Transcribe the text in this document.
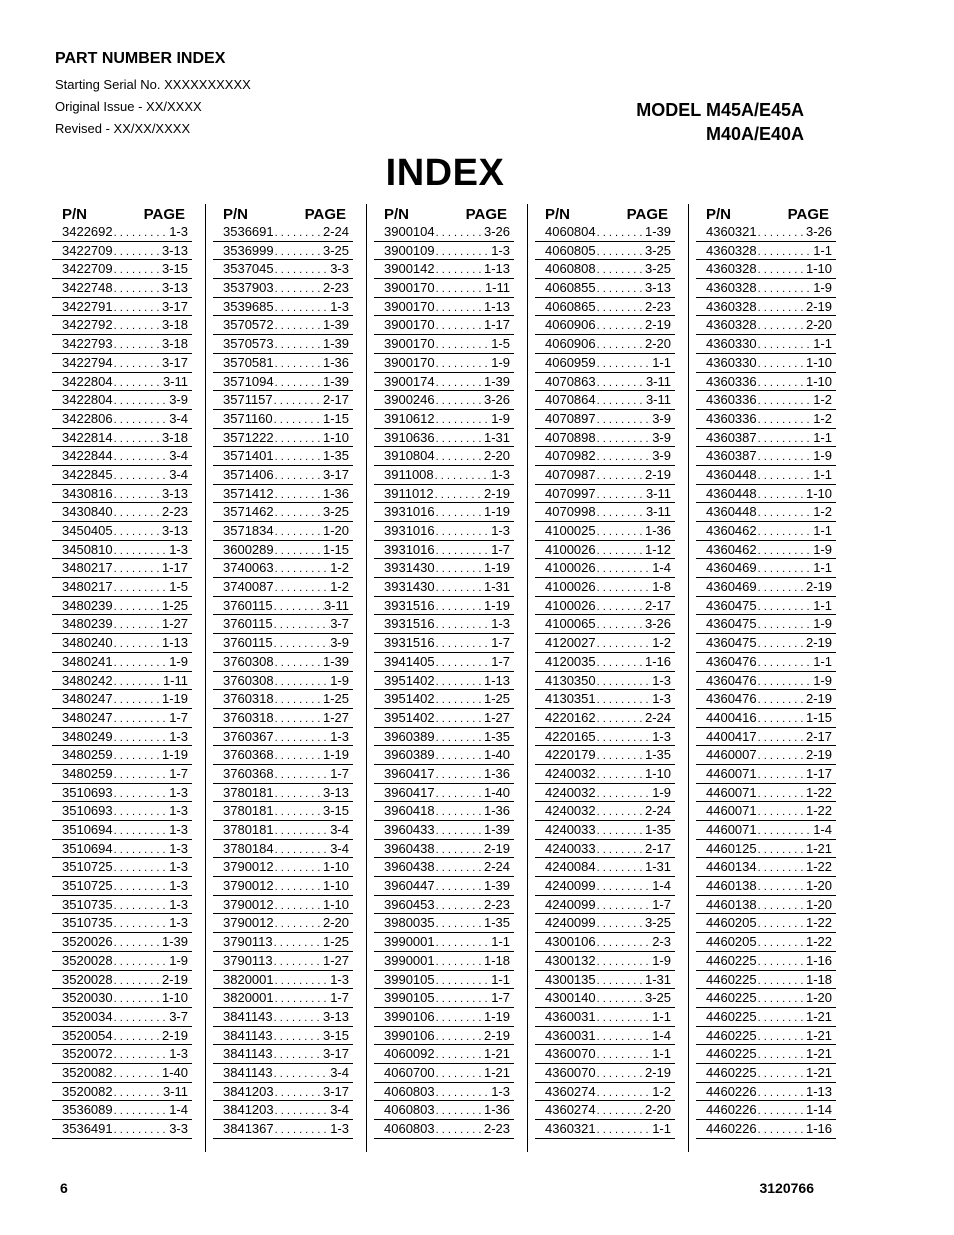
PART NUMBER INDEX
Starting Serial No. XXXXXXXXXX
Original Issue - XX/XXXX
Revised - XX/XX/XXXX
MODEL M45A/E45A
M40A/E40A
INDEX
P/N	PAGE
3422692 . . .	1-3
3422709 . . .	3-13
3422709 . . .	3-15
3422748 . . .	3-13
3422791 . . .	3-17
3422792 . . .	3-18
3422793 . . .	3-18
3422794 . . .	3-17
3422804 . . .	3-11
3422804 . . .	3-9
3422806 . . .	3-4
3422814 . . .	3-18
3422844 . . .	3-4
3422845 . . .	3-4
3430816 . . .	3-13
3430840 . . .	2-23
3450405 . . .	3-13
3450810 . . .	1-3
3480217 . . .	1-17
3480217 . . .	1-5
3480239 . . .	1-25
3480239 . . .	1-27
3480240 . . .	1-13
3480241 . . .	1-9
3480242 . . .	1-11
3480247 . . .	1-19
3480247 . . .	1-7
3480249 . . .	1-3
3480259 . . .	1-19
3480259 . . .	1-7
3510693 . . .	1-3
3510693 . . .	1-3
3510694 . . .	1-3
3510694 . . .	1-3
3510725 . . .	1-3
3510725 . . .	1-3
3510735 . . .	1-3
3510735 . . .	1-3
3520026 . . .	1-39
3520028 . . .	1-9
3520028 . . .	2-19
3520030 . . .	1-10
3520034 . . .	3-7
3520054 . . .	2-19
3520072 . . .	1-3
3520082 . . .	1-40
3520082 . . .	3-11
3536089 . . .	1-4
3536491 . . .	3-3
P/N	PAGE
3536691 . . .	2-24
3536999 . . .	3-25
3537045 . . .	3-3
3537903 . . .	2-23
3539685 . . .	1-3
3570572 . . .	1-39
3570573 . . .	1-39
3570581 . . .	1-36
3571094 . . .	1-39
3571157 . . .	2-17
3571160 . . .	1-15
3571222 . . .	1-10
3571401 . . .	1-35
3571406 . . .	3-17
3571412 . . .	1-36
3571462 . . .	3-25
3571834 . . .	1-20
3600289 . . .	1-15
3740063 . . .	1-2
3740087 . . .	1-2
3760115 . . .	3-11
3760115 . . .	3-7
3760115 . . .	3-9
3760308 . . .	1-39
3760308 . . .	1-9
3760318 . . .	1-25
3760318 . . .	1-27
3760367 . . .	1-3
3760368 . . .	1-19
3760368 . . .	1-7
3780181 . . .	3-13
3780181 . . .	3-15
3780181 . . .	3-4
3780184 . . .	3-4
3790012 . . .	1-10
3790012 . . .	1-10
3790012 . . .	1-10
3790012 . . .	2-20
3790113 . . .	1-25
3790113 . . .	1-27
3820001 . . .	1-3
3820001 . . .	1-7
3841143 . . .	3-13
3841143 . . .	3-15
3841143 . . .	3-17
3841143 . . .	3-4
3841203 . . .	3-17
3841203 . . .	3-4
3841367 . . .	1-3
P/N	PAGE
3900104 . . .	3-26
3900109 . . .	1-3
3900142 . . .	1-13
3900170 . . .	1-11
3900170 . . .	1-13
3900170 . . .	1-17
3900170 . . .	1-5
3900170 . . .	1-9
3900174 . . .	1-39
3900246 . . .	3-26
3910612 . . .	1-9
3910636 . . .	1-31
3910804 . . .	2-20
3911008 . . .	1-3
3911012 . . .	2-19
3931016 . . .	1-19
3931016 . . .	1-3
3931016 . . .	1-7
3931430 . . .	1-19
3931430 . . .	1-31
3931516 . . .	1-19
3931516 . . .	1-3
3931516 . . .	1-7
3941405 . . .	1-7
3951402 . . .	1-13
3951402 . . .	1-25
3951402 . . .	1-27
3960389 . . .	1-35
3960389 . . .	1-40
3960417 . . .	1-36
3960417 . . .	1-40
3960418 . . .	1-36
3960433 . . .	1-39
3960438 . . .	2-19
3960438 . . .	2-24
3960447 . . .	1-39
3960453 . . .	2-23
3980035 . . .	1-35
3990001 . . .	1-1
3990001 . . .	1-18
3990105 . . .	1-1
3990105 . . .	1-7
3990106 . . .	1-19
3990106 . . .	2-19
4060092 . . .	1-21
4060700 . . .	1-21
4060803 . . .	1-3
4060803 . . .	1-36
4060803 . . .	2-23
P/N	PAGE
4060804 . . .	1-39
4060805 . . .	3-25
4060808 . . .	3-25
4060855 . . .	3-13
4060865 . . .	2-23
4060906 . . .	2-19
4060906 . . .	2-20
4060959 . . .	1-1
4070863 . . .	3-11
4070864 . . .	3-11
4070897 . . .	3-9
4070898 . . .	3-9
4070982 . . .	3-9
4070987 . . .	2-19
4070997 . . .	3-11
4070998 . . .	3-11
4100025 . . .	1-36
4100026 . . .	1-12
4100026 . . .	1-4
4100026 . . .	1-8
4100026 . . .	2-17
4100065 . . .	3-26
4120027 . . .	1-2
4120035 . . .	1-16
4130350 . . .	1-3
4130351 . . .	1-3
4220162 . . .	2-24
4220165 . . .	1-3
4220179 . . .	1-35
4240032 . . .	1-10
4240032 . . .	1-9
4240032 . . .	2-24
4240033 . . .	1-35
4240033 . . .	2-17
4240084 . . .	1-31
4240099 . . .	1-4
4240099 . . .	1-7
4240099 . . .	3-25
4300106 . . .	2-3
4300132 . . .	1-9
4300135 . . .	1-31
4300140 . . .	3-25
4360031 . . .	1-1
4360031 . . .	1-4
4360070 . . .	1-1
4360070 . . .	2-19
4360274 . . .	1-2
4360274 . . .	2-20
4360321 . . .	1-1
P/N	PAGE
4360321 . . .	3-26
4360328 . . .	1-1
4360328 . . .	1-10
4360328 . . .	1-9
4360328 . . .	2-19
4360328 . . .	2-20
4360330 . . .	1-1
4360330 . . .	1-10
4360336 . . .	1-10
4360336 . . .	1-2
4360336 . . .	1-2
4360387 . . .	1-1
4360387 . . .	1-9
4360448 . . .	1-1
4360448 . . .	1-10
4360448 . . .	1-2
4360462 . . .	1-1
4360462 . . .	1-9
4360469 . . .	1-1
4360469 . . .	2-19
4360475 . . .	1-1
4360475 . . .	1-9
4360475 . . .	2-19
4360476 . . .	1-1
4360476 . . .	1-9
4360476 . . .	2-19
4400416 . . .	1-15
4400417 . . .	2-17
4460007 . . .	2-19
4460071 . . .	1-17
4460071 . . .	1-22
4460071 . . .	1-22
4460071 . . .	1-4
4460125 . . .	1-21
4460134 . . .	1-22
4460138 . . .	1-20
4460138 . . .	1-20
4460205 . . .	1-22
4460205 . . .	1-22
4460225 . . .	1-16
4460225 . . .	1-18
4460225 . . .	1-20
4460225 . . .	1-21
4460225 . . .	1-21
4460225 . . .	1-21
4460225 . . .	1-21
4460226 . . .	1-13
4460226 . . .	1-14
4460226 . . .	1-16
6	3120766
